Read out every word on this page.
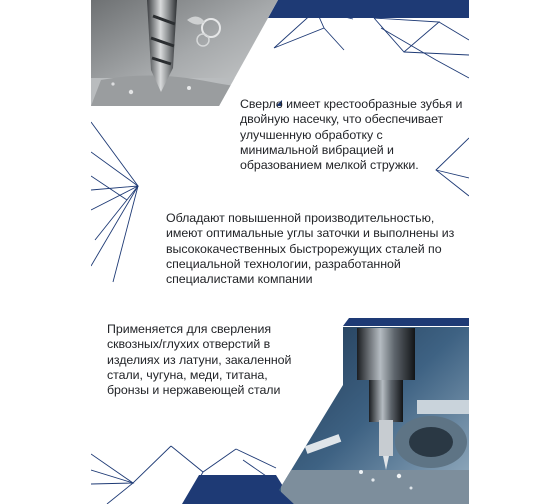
Сверло имеет крестообразные зубья и двойную насечку, что обеспечивает улучшенную обработку с минимальной вибрацией и образованием мелкой стружки.

Обладают повышенной производительностью, имеют оптимальные углы заточки и выполнены из высококачественных быстрорежущих сталей по специальной технологии, разработанной специалистами компании

Применяется для сверления сквозных/глухих отверстий в изделиях из латуни, закаленной стали, чугуна, меди, титана, бронзы и нержавеющей стали
